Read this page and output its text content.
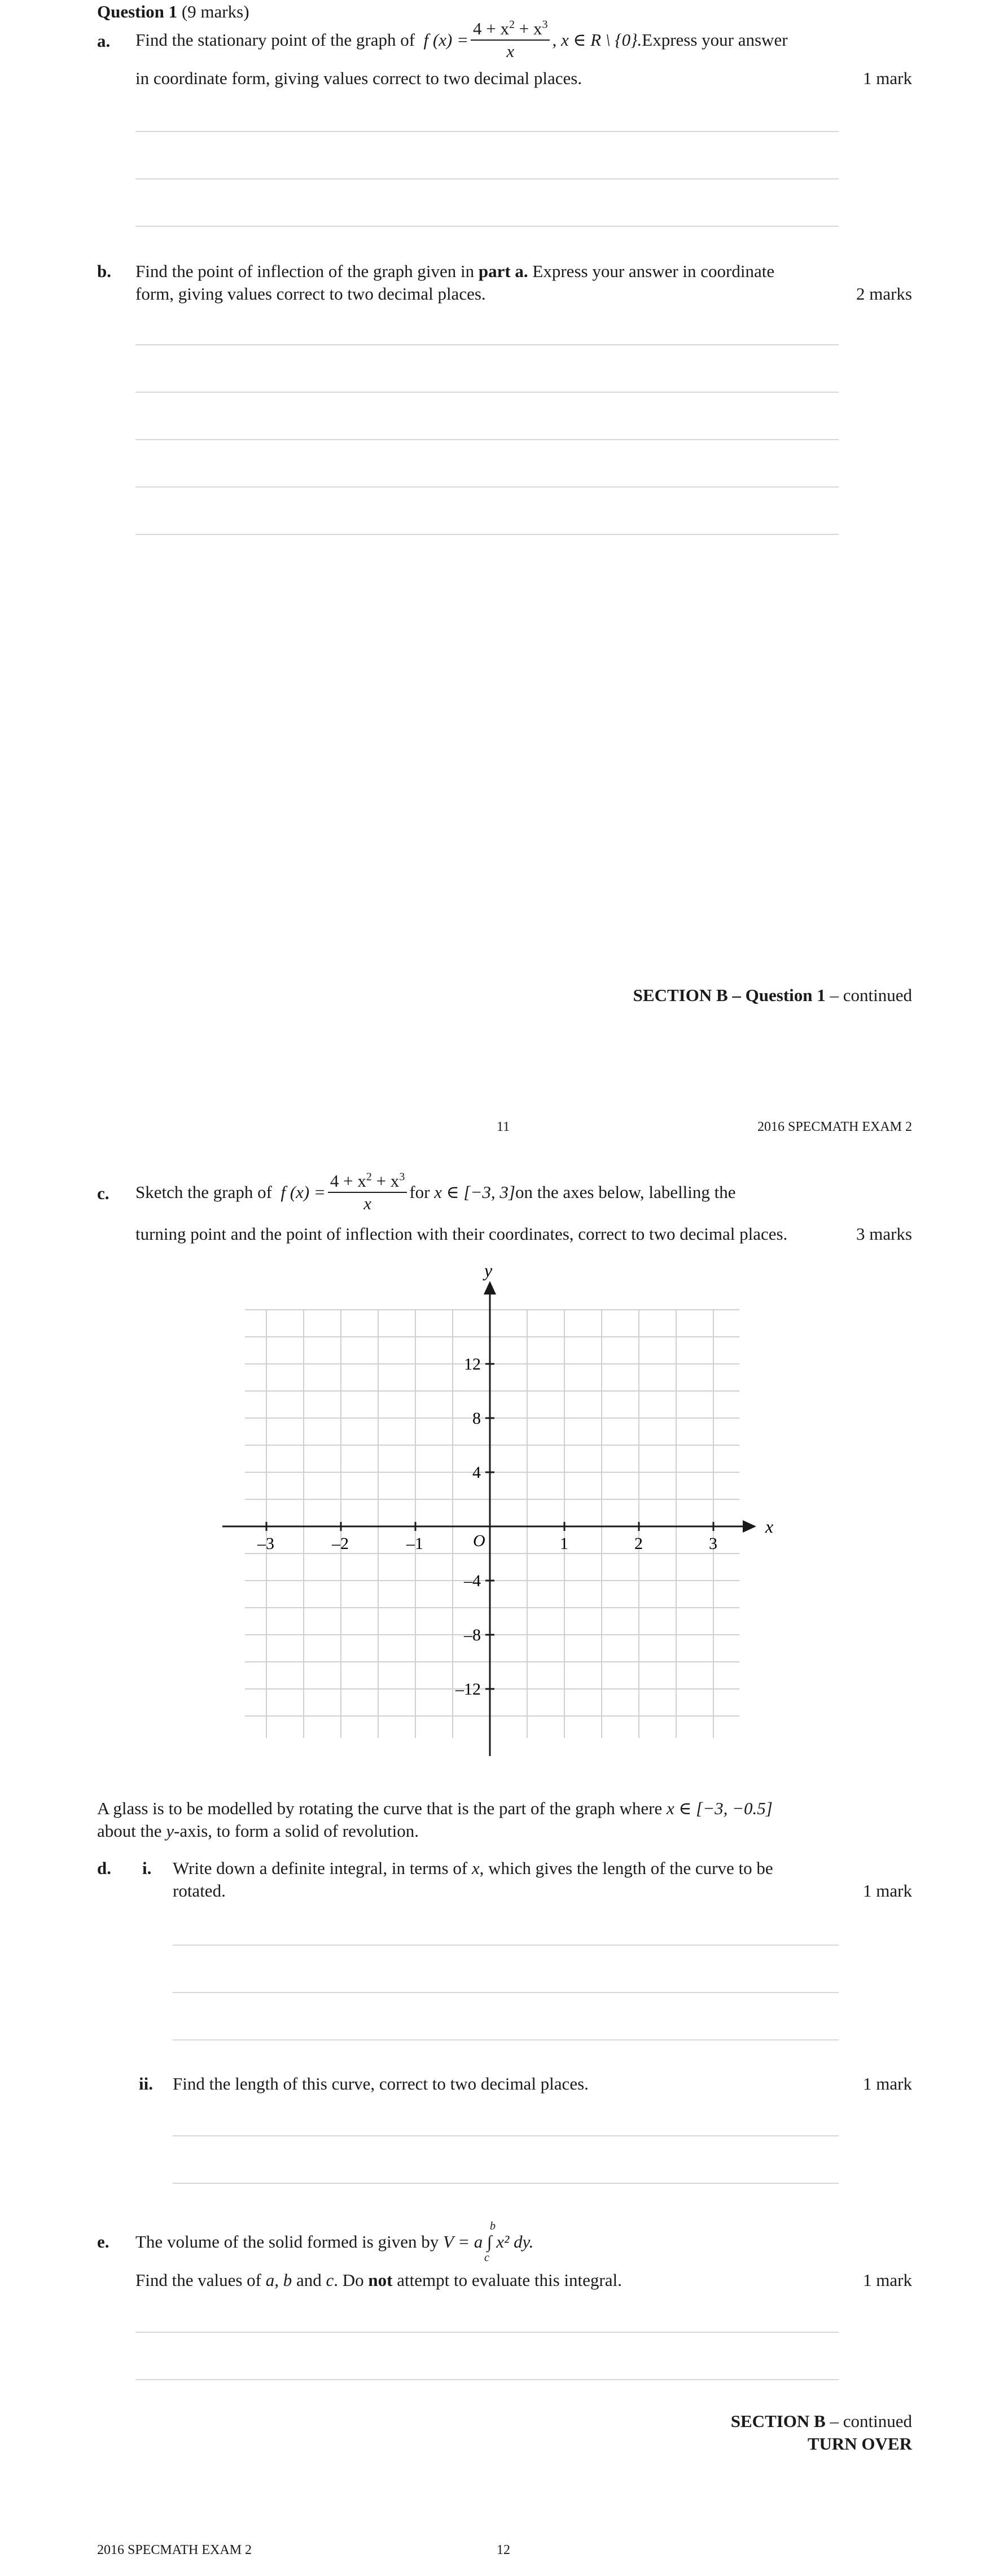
Question 1 (9 marks)
a. Find the stationary point of the graph of
f $(x) = \frac{4 + x^2 + x^3}{x}$ , x ∈ R \ {0}. Express your answer
in coordinate form, giving values correct to two decimal places.	1 mark
b. Find the point of inflection of the graph given in part a. Express your answer in coordinate
form, giving values correct to two decimal places.	2 marks
SECTION B – Question 1 – continued
11	2016 SPECMATH EXAM 2
c. Sketch the graph of
f $(x) = \frac{4 + x^2 + x^3}{x}$ for
x ∈ [−3, 3] on the axes below, labelling the
turning point and the point of inflection with their coordinates, correct to two decimal places.	3 marks
x
y
O
–3	–2	–1	1	2	3
12
8
4
–4
–8
–12
A glass is to be modelled by rotating the curve that is the part of the graph where x ∈ [−3, −0.5]
about the y-axis, to form a solid of revolution.
d. i. Write down a definite integral, in terms of x, which gives the length of the curve to be
rotated.	1 mark
ii. Find the length of this curve, correct to two decimal places.	1 mark
e. The volume of the solid formed is given by V = a ∫ x² dy.
b
c
Find the values of a, b and c. Do not attempt to evaluate this integral.	1 mark
SECTION B – continued
TURN OVER
2016 SPECMATH EXAM 2	12
